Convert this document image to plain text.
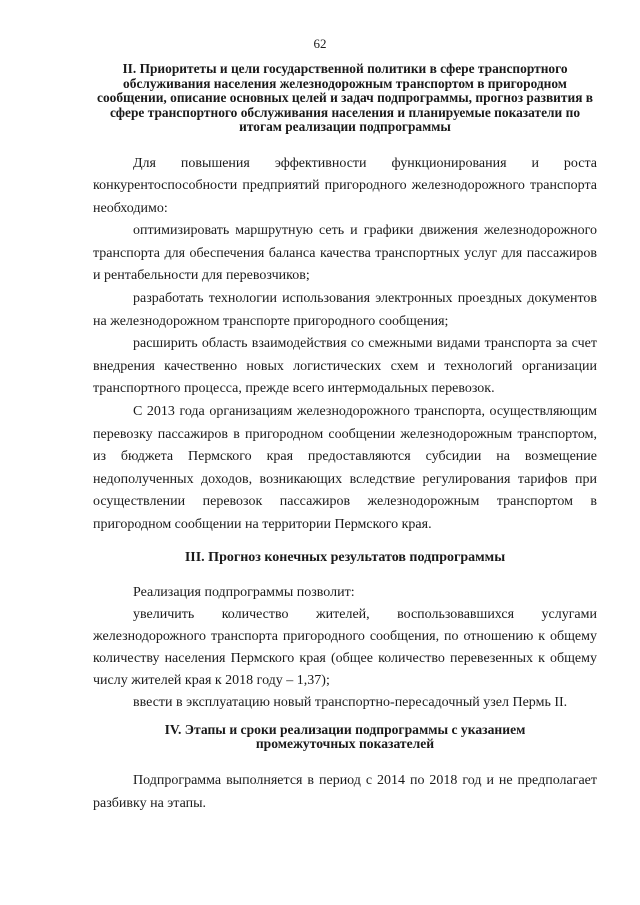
62
II. Приоритеты и цели государственной политики в сфере транспортного обслуживания населения железнодорожным транспортом в пригородном сообщении, описание основных целей и задач подпрограммы, прогноз развития в сфере транспортного обслуживания населения и планируемые показатели по итогам реализации подпрограммы

Для повышения эффективности функционирования и роста конкурентоспособности предприятий пригородного железнодорожного транспорта необходимо:

оптимизировать маршрутную сеть и графики движения железнодорожного транспорта для обеспечения баланса качества транспортных услуг для пассажиров и рентабельности для перевозчиков;

разработать технологии использования электронных проездных документов на железнодорожном транспорте пригородного сообщения;

расширить область взаимодействия со смежными видами транспорта за счет внедрения качественно новых логистических схем и технологий организации транспортного процесса, прежде всего интермодальных перевозок.

С 2013 года организациям железнодорожного транспорта, осуществляющим перевозку пассажиров в пригородном сообщении железнодорожным транспортом, из бюджета Пермского края предоставляются субсидии на возмещение недополученных доходов, возникающих вследствие регулирования тарифов при осуществлении перевозок пассажиров железнодорожным транспортом в пригородном сообщении на территории Пермского края.

III. Прогноз конечных результатов подпрограммы

Реализация подпрограммы позволит:

увеличить количество жителей, воспользовавшихся услугами железнодорожного транспорта пригородного сообщения, по отношению к общему количеству населения Пермского края (общее количество перевезенных к общему числу жителей края к 2018 году – 1,37);

ввести в эксплуатацию новый транспортно-пересадочный узел Пермь II.

IV. Этапы и сроки реализации подпрограммы с указанием промежуточных показателей

Подпрограмма выполняется в период с 2014 по 2018 год и не предполагает разбивку на этапы.
